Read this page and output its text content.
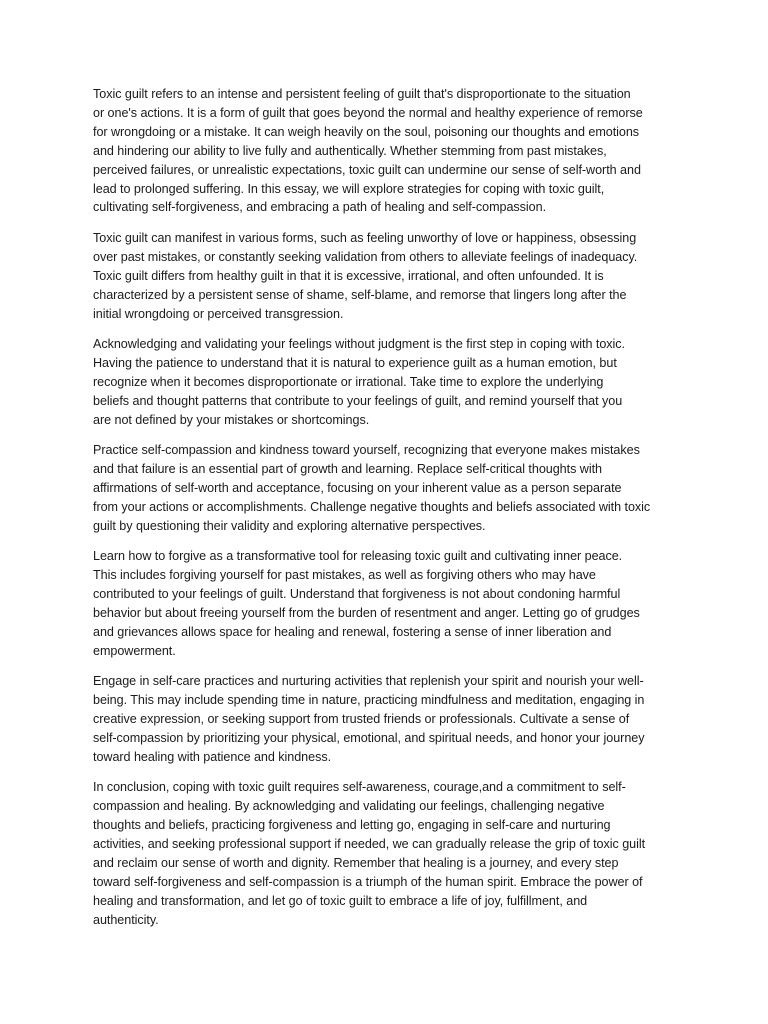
Toxic guilt refers to an intense and persistent feeling of guilt that's disproportionate to the situation
or one's actions. It is a form of guilt that goes beyond the normal and healthy experience of remorse
for wrongdoing or a mistake. It can weigh heavily on the soul, poisoning our thoughts and emotions
and hindering our ability to live fully and authentically. Whether stemming from past mistakes,
perceived failures, or unrealistic expectations, toxic guilt can undermine our sense of self-worth and
lead to prolonged suffering. In this essay, we will explore strategies for coping with toxic guilt,
cultivating self-forgiveness, and embracing a path of healing and self-compassion.

Toxic guilt can manifest in various forms, such as feeling unworthy of love or happiness, obsessing
over past mistakes, or constantly seeking validation from others to alleviate feelings of inadequacy.
Toxic guilt differs from healthy guilt in that it is excessive, irrational, and often unfounded. It is
characterized by a persistent sense of shame, self-blame, and remorse that lingers long after the
initial wrongdoing or perceived transgression.

Acknowledging and validating your feelings without judgment is the first step in coping with toxic.
Having the patience to understand that it is natural to experience guilt as a human emotion, but
recognize when it becomes disproportionate or irrational. Take time to explore the underlying
beliefs and thought patterns that contribute to your feelings of guilt, and remind yourself that you
are not defined by your mistakes or shortcomings.

Practice self-compassion and kindness toward yourself, recognizing that everyone makes mistakes
and that failure is an essential part of growth and learning. Replace self-critical thoughts with
affirmations of self-worth and acceptance, focusing on your inherent value as a person separate
from your actions or accomplishments. Challenge negative thoughts and beliefs associated with toxic
guilt by questioning their validity and exploring alternative perspectives.

Learn how to forgive as a transformative tool for releasing toxic guilt and cultivating inner peace.
This includes forgiving yourself for past mistakes, as well as forgiving others who may have
contributed to your feelings of guilt. Understand that forgiveness is not about condoning harmful
behavior but about freeing yourself from the burden of resentment and anger. Letting go of grudges
and grievances allows space for healing and renewal, fostering a sense of inner liberation and
empowerment.

Engage in self-care practices and nurturing activities that replenish your spirit and nourish your well-
being. This may include spending time in nature, practicing mindfulness and meditation, engaging in
creative expression, or seeking support from trusted friends or professionals. Cultivate a sense of
self-compassion by prioritizing your physical, emotional, and spiritual needs, and honor your journey
toward healing with patience and kindness.

In conclusion, coping with toxic guilt requires self-awareness, courage,and a commitment to self-
compassion and healing. By acknowledging and validating our feelings, challenging negative
thoughts and beliefs, practicing forgiveness and letting go, engaging in self-care and nurturing
activities, and seeking professional support if needed, we can gradually release the grip of toxic guilt
and reclaim our sense of worth and dignity. Remember that healing is a journey, and every step
toward self-forgiveness and self-compassion is a triumph of the human spirit. Embrace the power of
healing and transformation, and let go of toxic guilt to embrace a life of joy, fulfillment, and
authenticity.
